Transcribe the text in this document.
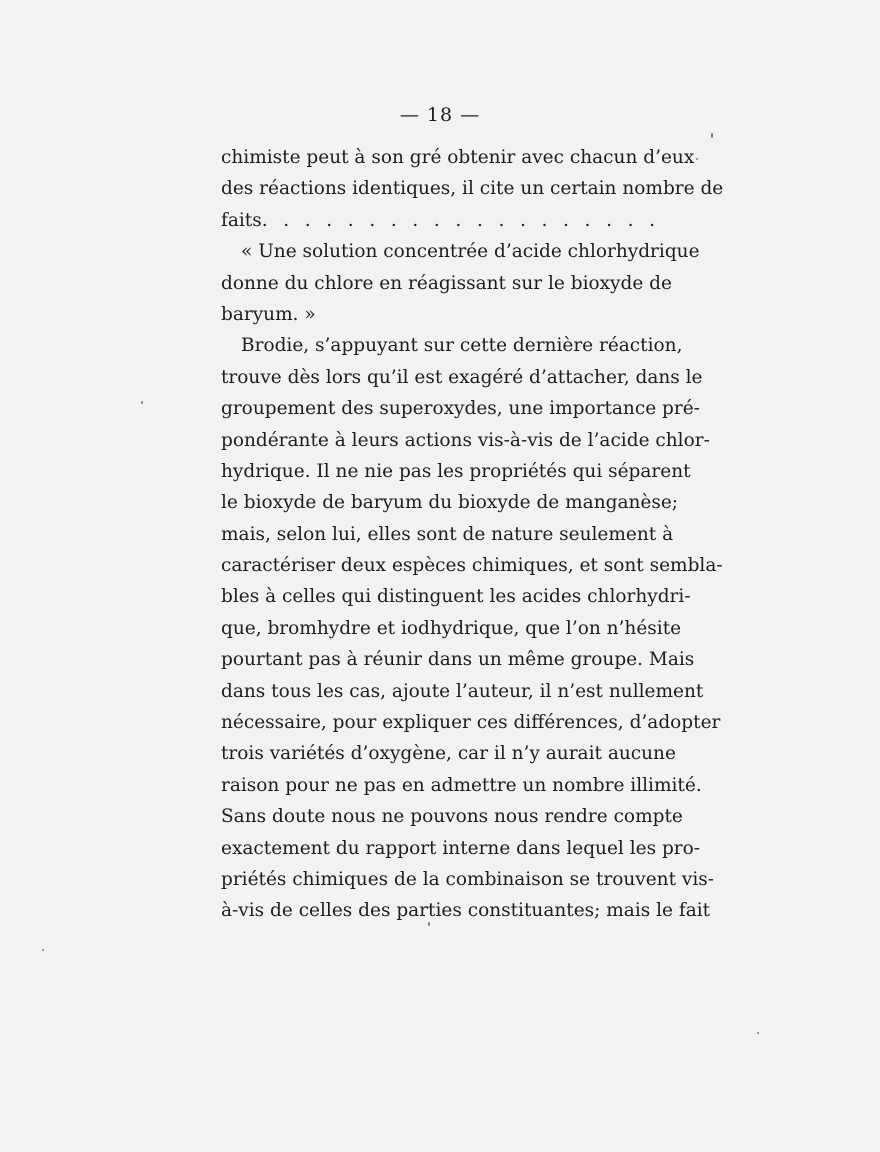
— 18 —
chimiste peut à son gré obtenir avec chacun d’eux
des réactions identiques, il cite un certain nombre de
faits. . . . . . . . . . . . . . . . . . .
« Une solution concentrée d’acide chlorhydrique
donne du chlore en réagissant sur le bioxyde de
baryum. »
Brodie, s’appuyant sur cette dernière réaction,
trouve dès lors qu’il est exagéré d’attacher, dans le
groupement des superoxydes, une importance pré-
pondérante à leurs actions vis-à-vis de l’acide chlor-
hydrique. Il ne nie pas les propriétés qui séparent
le bioxyde de baryum du bioxyde de manganèse;
mais, selon lui, elles sont de nature seulement à
caractériser deux espèces chimiques, et sont sembla-
bles à celles qui distinguent les acides chlorhydri-
que, bromhydre et iodhydrique, que l’on n’hésite
pourtant pas à réunir dans un même groupe. Mais
dans tous les cas, ajoute l’auteur, il n’est nullement
nécessaire, pour expliquer ces différences, d’adopter
trois variétés d’oxygène, car il n’y aurait aucune
raison pour ne pas en admettre un nombre illimité.
Sans doute nous ne pouvons nous rendre compte
exactement du rapport interne dans lequel les pro-
priétés chimiques de la combinaison se trouvent vis-
à-vis de celles des parties constituantes; mais le fait
